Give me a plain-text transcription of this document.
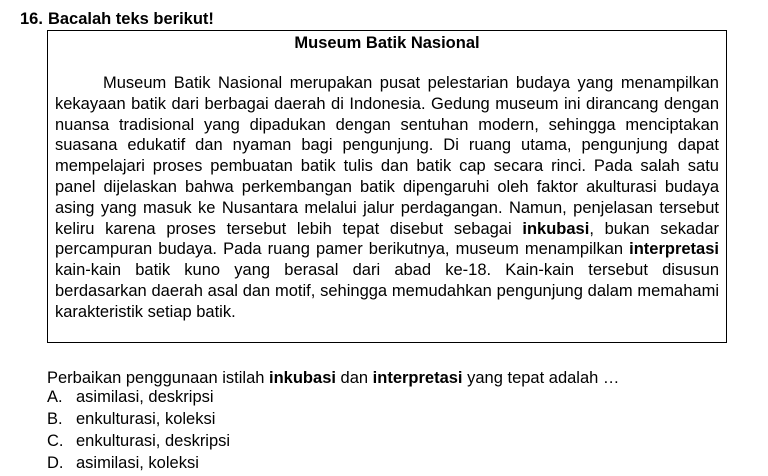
16. Bacalah teks berikut!
Museum Batik Nasional

Museum Batik Nasional merupakan pusat pelestarian budaya yang menampilkan kekayaan batik dari berbagai daerah di Indonesia. Gedung museum ini dirancang dengan nuansa tradisional yang dipadukan dengan sentuhan modern, sehingga menciptakan suasana edukatif dan nyaman bagi pengunjung. Di ruang utama, pengunjung dapat mempelajari proses pembuatan batik tulis dan batik cap secara rinci. Pada salah satu panel dijelaskan bahwa perkembangan batik dipengaruhi oleh faktor akulturasi budaya asing yang masuk ke Nusantara melalui jalur perdagangan. Namun, penjelasan tersebut keliru karena proses tersebut lebih tepat disebut sebagai inkubasi, bukan sekadar percampuran budaya. Pada ruang pamer berikutnya, museum menampilkan interpretasi kain-kain batik kuno yang berasal dari abad ke-18. Kain-kain tersebut disusun berdasarkan daerah asal dan motif, sehingga memudahkan pengunjung dalam memahami karakteristik setiap batik.

Perbaikan penggunaan istilah inkubasi dan interpretasi yang tepat adalah …
A. asimilasi, deskripsi
B. enkulturasi, koleksi
C. enkulturasi, deskripsi
D. asimilasi, koleksi
